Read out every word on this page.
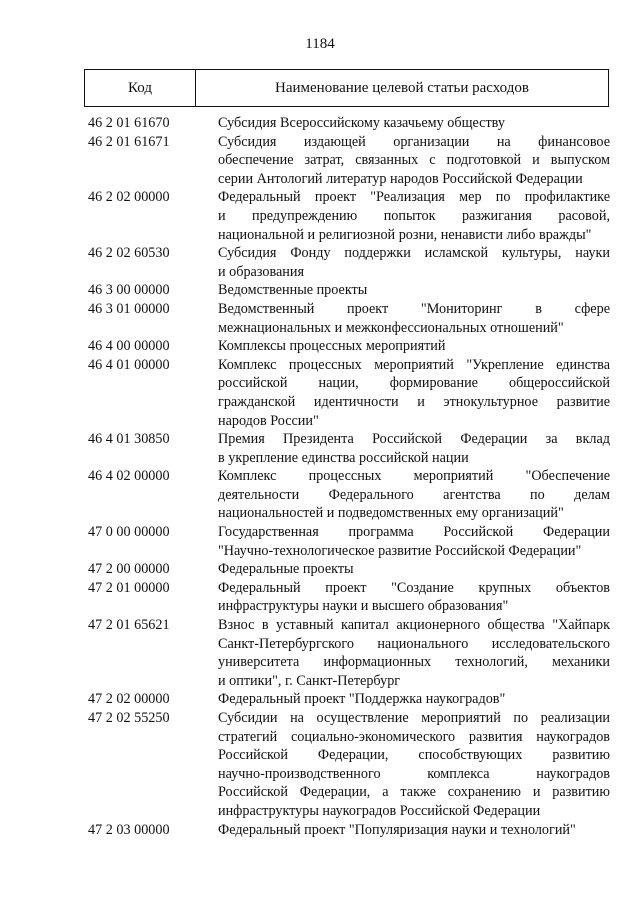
1184
Код	Наименование целевой статьи расходов
46 2 01 61670	Субсидия Всероссийскому казачьему обществу
46 2 01 61671	Субсидия издающей организации на финансовое
обеспечение затрат, связанных с подготовкой и выпуском
серии Антологий литератур народов Российской Федерации
46 2 02 00000	Федеральный проект "Реализация мер по профилактике
и предупреждению попыток разжигания расовой,
национальной и религиозной розни, ненависти либо вражды"
46 2 02 60530	Субсидия Фонду поддержки исламской культуры, науки
и образования
46 3 00 00000	Ведомственные проекты
46 3 01 00000	Ведомственный проект "Мониторинг в сфере
межнациональных и межконфессиональных отношений"
46 4 00 00000	Комплексы процессных мероприятий
46 4 01 00000	Комплекс процессных мероприятий "Укрепление единства
российской нации, формирование общероссийской
гражданской идентичности и этнокультурное развитие
народов России"
46 4 01 30850	Премия Президента Российской Федерации за вклад
в укрепление единства российской нации
46 4 02 00000	Комплекс процессных мероприятий "Обеспечение
деятельности Федерального агентства по делам
национальностей и подведомственных ему организаций"
47 0 00 00000	Государственная программа Российской Федерации
"Научно-технологическое развитие Российской Федерации"
47 2 00 00000	Федеральные проекты
47 2 01 00000	Федеральный проект "Создание крупных объектов
инфраструктуры науки и высшего образования"
47 2 01 65621	Взнос в уставный капитал акционерного общества "Хайпарк
Санкт-Петербургского национального исследовательского
университета информационных технологий, механики
и оптики", г. Санкт-Петербург
47 2 02 00000	Федеральный проект "Поддержка наукоградов"
47 2 02 55250	Субсидии на осуществление мероприятий по реализации
стратегий социально-экономического развития наукоградов
Российской Федерации, способствующих развитию
научно-производственного комплекса наукоградов
Российской Федерации, а также сохранению и развитию
инфраструктуры наукоградов Российской Федерации
47 2 03 00000	Федеральный проект "Популяризация науки и технологий"
